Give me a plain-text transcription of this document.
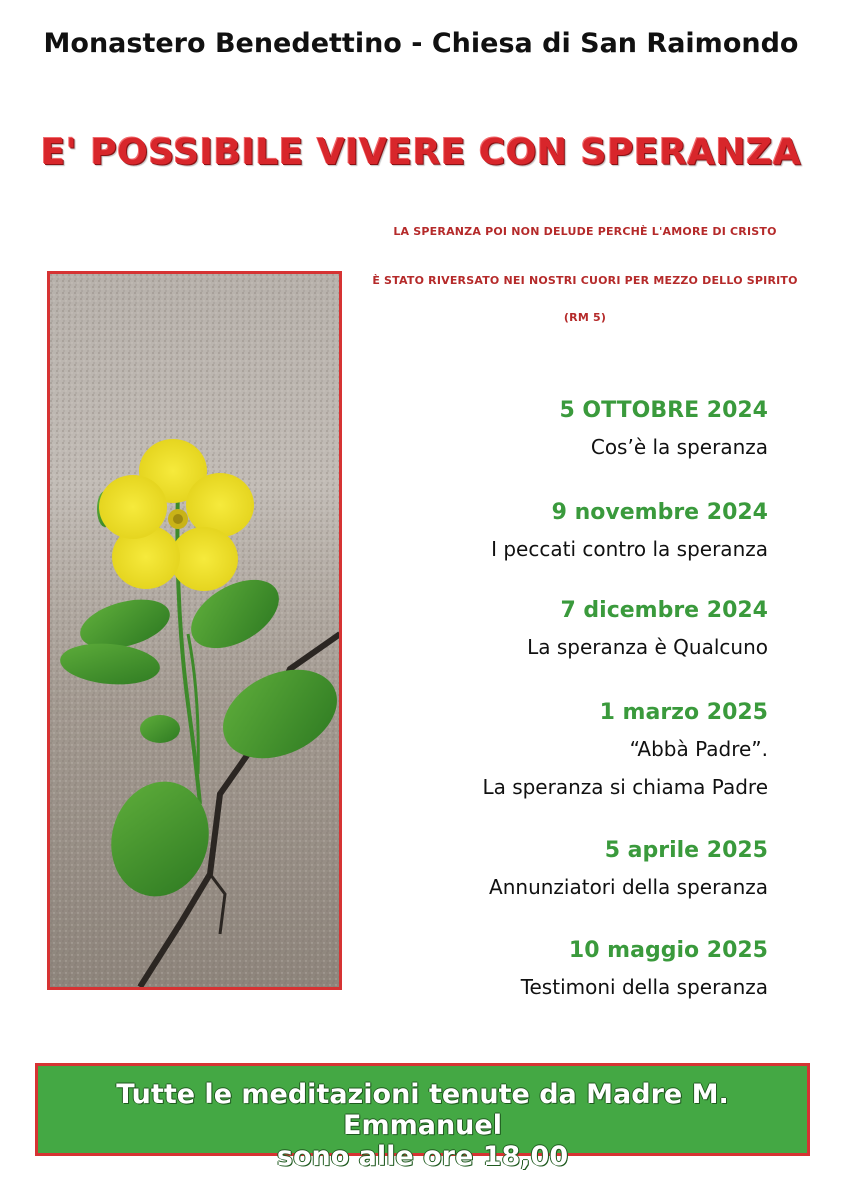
Monastero Benedettino - Chiesa di San Raimondo
E' POSSIBILE VIVERE CON SPERANZA
LA SPERANZA POI NON DELUDE PERCHÈ L'AMORE DI CRISTO
È STATO RIVERSATO NEI NOSTRI CUORI PER MEZZO DELLO SPIRITO
(RM 5)
5 OTTOBRE 2024
Cos’è la speranza
9 novembre 2024
I peccati contro la speranza
7 dicembre 2024
La speranza è Qualcuno
1 marzo 2025
“Abbà Padre”.
La speranza si chiama Padre
5 aprile 2025
Annunziatori della speranza
10 maggio 2025
Testimoni della speranza
Tutte le meditazioni tenute da Madre M. Emmanuel
sono alle ore 18,00
